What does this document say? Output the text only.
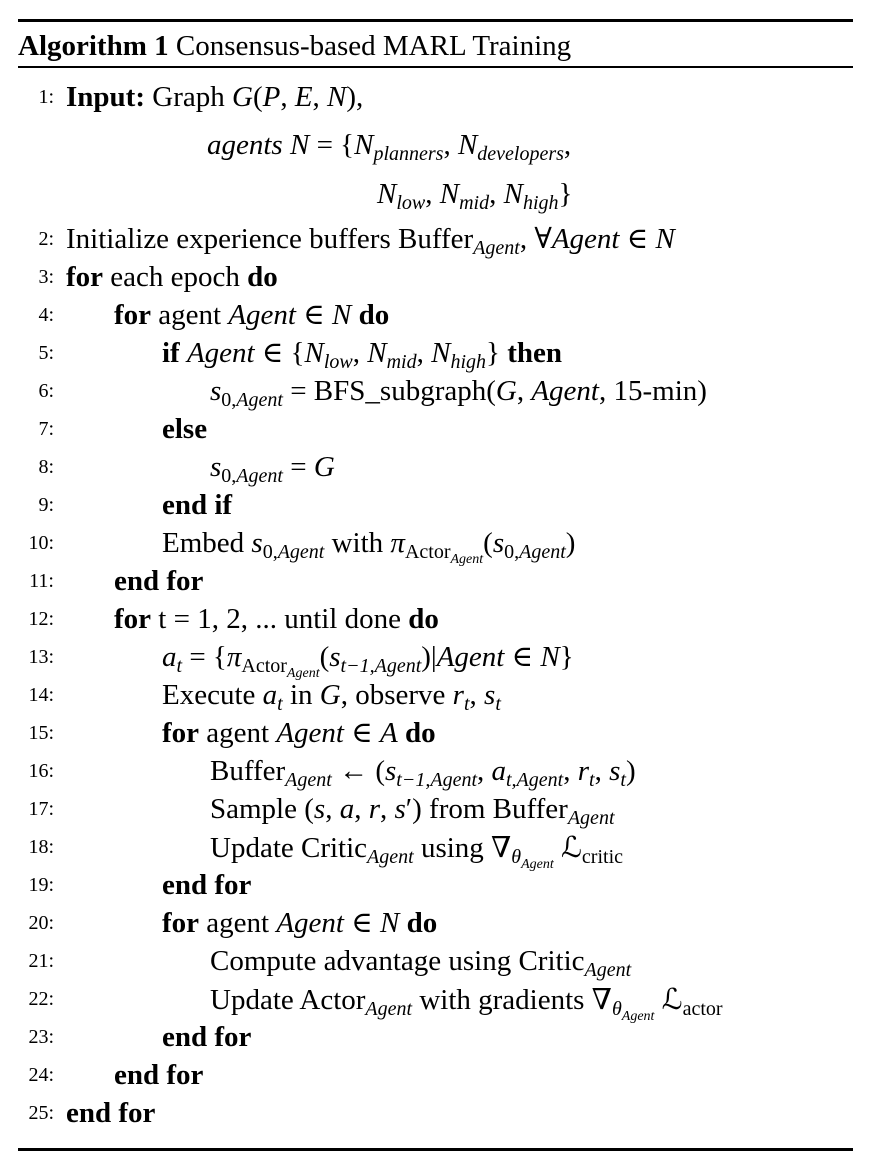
Algorithm 1 Consensus-based MARL Training
1: Input: Graph G(P, E, N),
agents $N = \{N_{planners}$, $N_{developers}$,
$N_{low}$, $N_{mid}$, $N_{high}$}
2: Initialize experience buffers Buffer$_{Agent}$, ∀Agent ∈ N
3: for each epoch do
4: for agent Agent ∈ N do
5:	if Agent ∈ {$N_{low}$, $N_{mid}$, $N_{high}$} then
6:	$s_{0,Agent}$ = BFS_subgraph(G, Agent, 15-min)
7:	else
8:	$s_{0,Agent} = G$
9:	end if
10:	Embed $s_{0,Agent}$ with $\pi_{ActorAgent}(s_{0,Agent})$
11: end for
12: for t = 1, 2, ... until done do
13:	$a_t$ = {$\pi_{ActorAgent}(s_{t-1,Agent})|Agent$ ∈ N}
14:	Execute $a_t$ in G, observe $r_t$, $s_t$
15:	for agent Agent ∈ A do
16:	Buffer$_{Agent}$ ← ($s_{t-1,Agent}$, $a_{t,Agent}$, $r_t$, $s_t$)
17:	Sample (s, a, r, s′) from Buffer$_{Agent}$
18:	Update Critic$_{Agent}$ using $\nabla_{\theta Agent}$ ℒ$_{critic}$
19:	end for
20:	for agent Agent ∈ N do
21:	Compute advantage using Critic$_{Agent}$
22:	Update Actor$_{Agent}$ with gradients $\nabla_{\theta Agent}$ ℒ$_{actor}$
23:	end for
24: end for
25: end for
